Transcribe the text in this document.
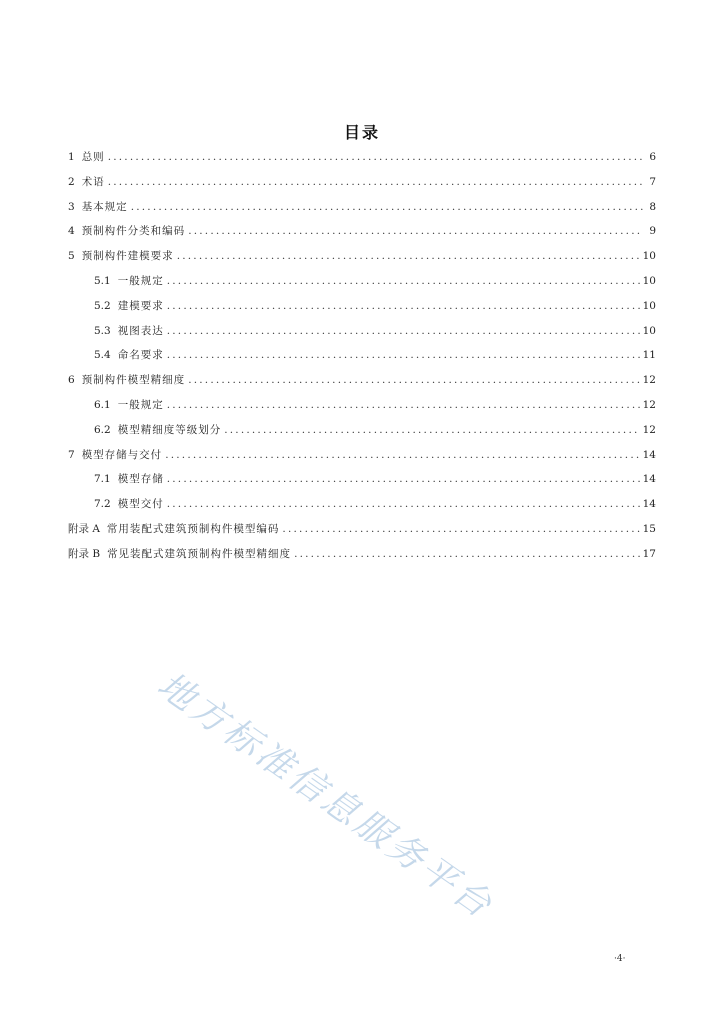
目录
1 总则 .....	6
2 术语 .....	7
3 基本规定 .....	8
4 预制构件分类和编码 .....	9
5 预制构件建模要求 .....	10
5.1 一般规定 .....	10
5.2 建模要求 .....	10
5.3 视图表达 .....	10
5.4 命名要求 .....	11
6 预制构件模型精细度 .....	12
6.1 一般规定 .....	12
6.2 模型精细度等级划分 .....	12
7 模型存储与交付 .....	14
7.1 模型存储 .....	14
7.2 模型交付 .....	14
附录 A 常用装配式建筑预制构件模型编码 .....	15
附录 B 常见装配式建筑预制构件模型精细度 .....	17
地方标准信息服务平台
·4·
